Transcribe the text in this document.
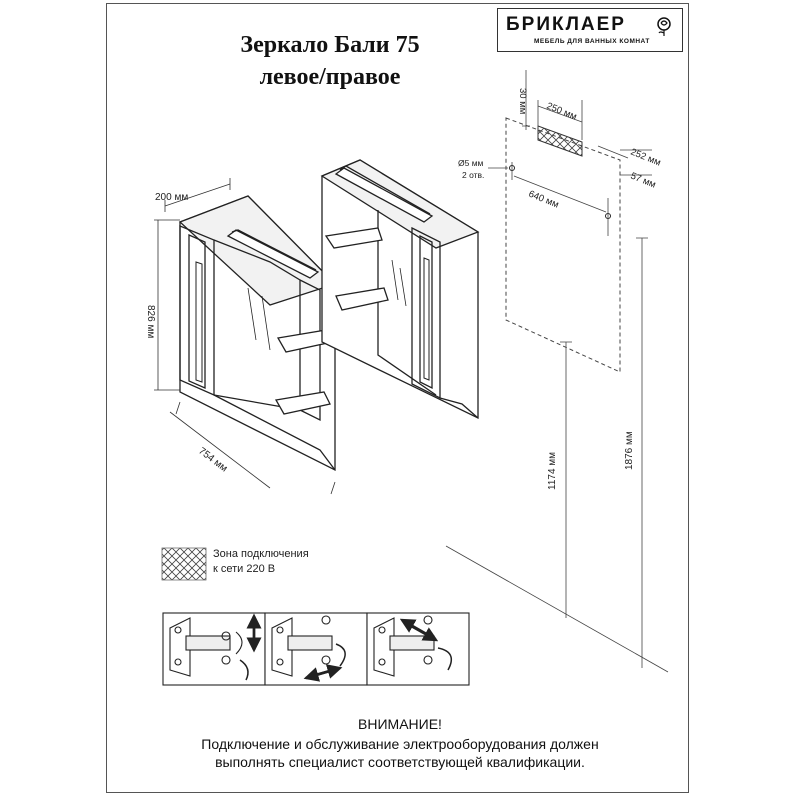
Зеркало Бали 75
левое/правое
БРИКЛАЕР
МЕБЕЛЬ ДЛЯ ВАННЫХ КОМНАТ
826 мм
200 мм
754 мм
30 мм 250 мм
252 мм
57 мм
640 мм
Ø5 мм
2 отв.
1174 мм
1876 мм
Зона подключения
к сети 220 В
ВНИМАНИЕ!
Подключение и обслуживание электрооборудования должен
выполнять специалист соответствующей квалификации.
